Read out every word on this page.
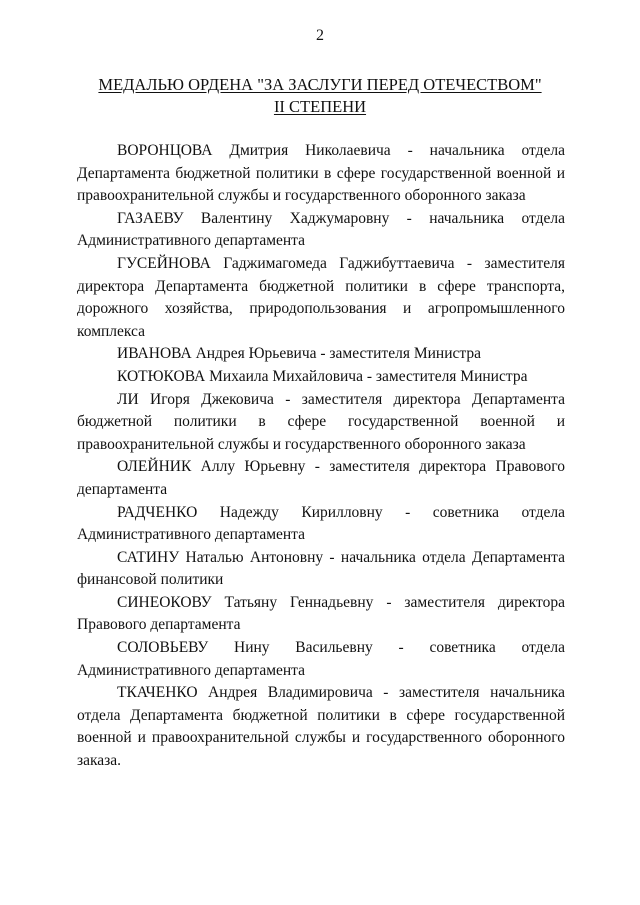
2
МЕДАЛЬЮ ОРДЕНА "ЗА ЗАСЛУГИ ПЕРЕД ОТЕЧЕСТВОМ"
II СТЕПЕНИ

ВОРОНЦОВА Дмитрия Николаевича - начальника отдела Департамента бюджетной политики в сфере государственной военной и правоохранительной службы и государственного оборонного заказа

ГАЗАЕВУ Валентину Хаджумаровну - начальника отдела Административного департамента

ГУСЕЙНОВА Гаджимагомеда Гаджибуттаевича - заместителя директора Департамента бюджетной политики в сфере транспорта, дорожного хозяйства, природопользования и агропромышленного комплекса

ИВАНОВА Андрея Юрьевича - заместителя Министра

КОТЮКОВА Михаила Михайловича - заместителя Министра

ЛИ Игоря Джековича - заместителя директора Департамента бюджетной политики в сфере государственной военной и правоохранительной службы и государственного оборонного заказа

ОЛЕЙНИК Аллу Юрьевну - заместителя директора Правового департамента

РАДЧЕНКО Надежду Кирилловну - советника отдела Административного департамента

САТИНУ Наталью Антоновну - начальника отдела Департамента финансовой политики

СИНЕОКОВУ Татьяну Геннадьевну - заместителя директора Правового департамента

СОЛОВЬЕВУ Нину Васильевну - советника отдела Административного департамента

ТКАЧЕНКО Андрея Владимировича - заместителя начальника отдела Департамента бюджетной политики в сфере государственной военной и правоохранительной службы и государственного оборонного заказа.
